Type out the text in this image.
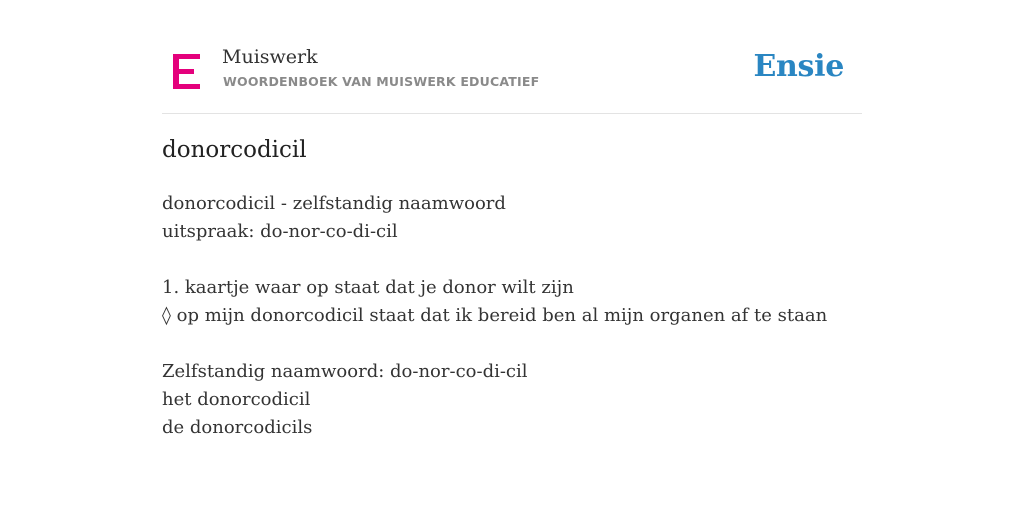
Muiswerk
WOORDENBOEK VAN MUISWERK EDUCATIEF	Ensie
donorcodicil
donorcodicil - zelfstandig naamwoord
uitspraak: do-nor-co-di-cil
1. kaartje waar op staat dat je donor wilt zijn
◊ op mijn donorcodicil staat dat ik bereid ben al mijn organen af te staan
Zelfstandig naamwoord: do-nor-co-di-cil
het donorcodicil
de donorcodicils
